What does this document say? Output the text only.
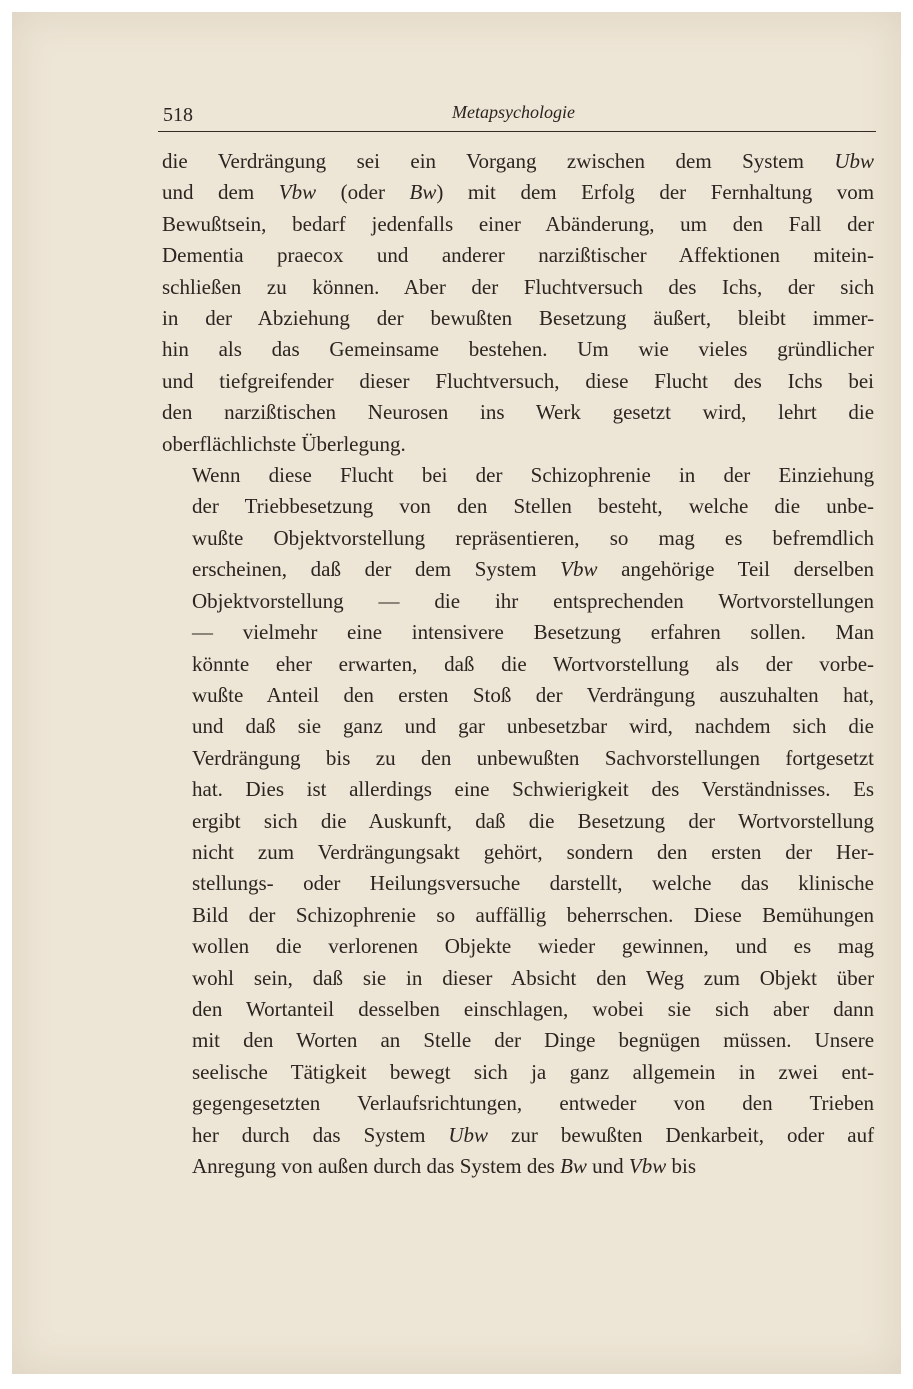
518	Metapsychologie

die Verdrängung sei ein Vorgang zwischen dem System Ubw
und dem Vbw (oder Bw) mit dem Erfolg der Fernhaltung vom
Bewußtsein, bedarf jedenfalls einer Abänderung, um den Fall der
Dementia praecox und anderer narzißtischer Affektionen mitein-
schließen zu können. Aber der Fluchtversuch des Ichs, der sich
in der Abziehung der bewußten Besetzung äußert, bleibt immer-
hin als das Gemeinsame bestehen. Um wie vieles gründlicher
und tiefgreifender dieser Fluchtversuch, diese Flucht des Ichs bei
den narzißtischen Neurosen ins Werk gesetzt wird, lehrt die
oberflächlichste Überlegung.

Wenn diese Flucht bei der Schizophrenie in der Einziehung
der Triebbesetzung von den Stellen besteht, welche die unbe-
wußte Objektvorstellung repräsentieren, so mag es befremdlich
erscheinen, daß der dem System Vbw angehörige Teil derselben
Objektvorstellung — die ihr entsprechenden Wortvorstellungen
— vielmehr eine intensivere Besetzung erfahren sollen. Man
könnte eher erwarten, daß die Wortvorstellung als der vorbe-
wußte Anteil den ersten Stoß der Verdrängung auszuhalten hat,
und daß sie ganz und gar unbesetzbar wird, nachdem sich die
Verdrängung bis zu den unbewußten Sachvorstellungen fortgesetzt
hat. Dies ist allerdings eine Schwierigkeit des Verständnisses. Es
ergibt sich die Auskunft, daß die Besetzung der Wortvorstellung
nicht zum Verdrängungsakt gehört, sondern den ersten der Her-
stellungs- oder Heilungsversuche darstellt, welche das klinische
Bild der Schizophrenie so auffällig beherrschen. Diese Bemühungen
wollen die verlorenen Objekte wieder gewinnen, und es mag
wohl sein, daß sie in dieser Absicht den Weg zum Objekt über
den Wortanteil desselben einschlagen, wobei sie sich aber dann
mit den Worten an Stelle der Dinge begnügen müssen. Unsere
seelische Tätigkeit bewegt sich ja ganz allgemein in zwei ent-
gegengesetzten Verlaufsrichtungen, entweder von den Trieben
her durch das System Ubw zur bewußten Denkarbeit, oder auf
Anregung von außen durch das System des Bw und Vbw bis
